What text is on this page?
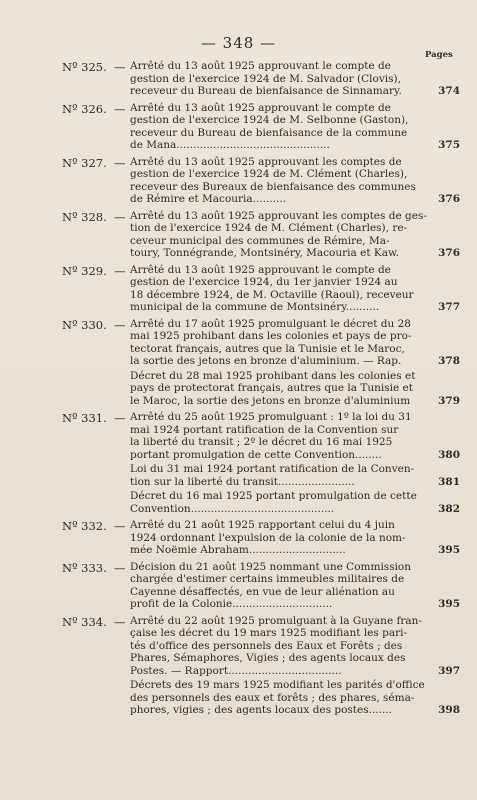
— 348 —
Pages
Nº 325. — Arrêté du 13 août 1925 approuvant le compte de
gestion de l'exercice 1924 de M. Salvador (Clovis),
receveur du Bureau de bienfaisance de Sinnamary.	374
Nº 326. — Arrêté du 13 août 1925 approuvant le compte de
gestion de l'exercice 1924 de M. Selbonne (Gaston),
receveur du Bureau de bienfaisance de la commune
de Mana..............................................	375
Nº 327. — Arrêté du 13 août 1925 approuvant les comptes de
gestion de l'exercice 1924 de M. Clément (Charles),
receveur des Bureaux de bienfaisance des communes
de Rémire et Macouria..........	376
Nº 328. — Arrêté du 13 août 1925 approuvant les comptes de ges-
tion de l'exercice 1924 de M. Clément (Charles), re-
ceveur municipal des communes de Rémire, Ma-
toury, Tonnégrande, Montsinéry, Macouria et Kaw.	376
Nº 329. — Arrêté du 13 août 1925 approuvant le compte de
gestion de l'exercice 1924, du 1er janvier 1924 au
18 décembre 1924, de M. Octaville (Raoul), receveur
municipal de la commune de Montsinéry..........	377
Nº 330. — Arrêté du 17 août 1925 promulguant le décret du 28
mai 1925 prohibant dans les colonies et pays de pro-
tectorat français, autres que la Tunisie et le Maroc,
la sortie des jetons en bronze d'aluminium. — Rap.	378
Décret du 28 mai 1925 prohibant dans les colonies et
pays de protectorat français, autres que la Tunisie et
le Maroc, la sortie des jetons en bronze d'aluminium	379
Nº 331. — Arrêté du 25 août 1925 promulguant : 1º la loi du 31
mai 1924 portant ratification de la Convention sur
la liberté du transit ; 2º le décret du 16 mai 1925
portant promulgation de cette Convention........	380
Loi du 31 mai 1924 portant ratification de la Conven-
tion sur la liberté du transit.......................	381
Décret du 16 mai 1925 portant promulgation de cette
Convention...........................................	382
Nº 332. — Arrêté du 21 août 1925 rapportant celui du 4 juin
1924 ordonnant l'expulsion de la colonie de la nom-
mée Noëmie Abraham.............................	395
Nº 333. — Décision du 21 août 1925 nommant une Commission
chargée d'estimer certains immeubles militaires de
Cayenne désaffectés, en vue de leur aliénation au
profit de la Colonie..............................	395
Nº 334. — Arrêté du 22 août 1925 promulguant à la Guyane fran-
çaise les décret du 19 mars 1925 modifiant les pari-
tés d'office des personnels des Eaux et Forêts ; des
Phares, Sémaphores, Vigies ; des agents locaux des
Postes. — Rapport..................................	397
Décrets des 19 mars 1925 modifiant les parités d'office
des personnels des eaux et forêts ; des phares, séma-
phores, vigies ; des agents locaux des postes.......	398
